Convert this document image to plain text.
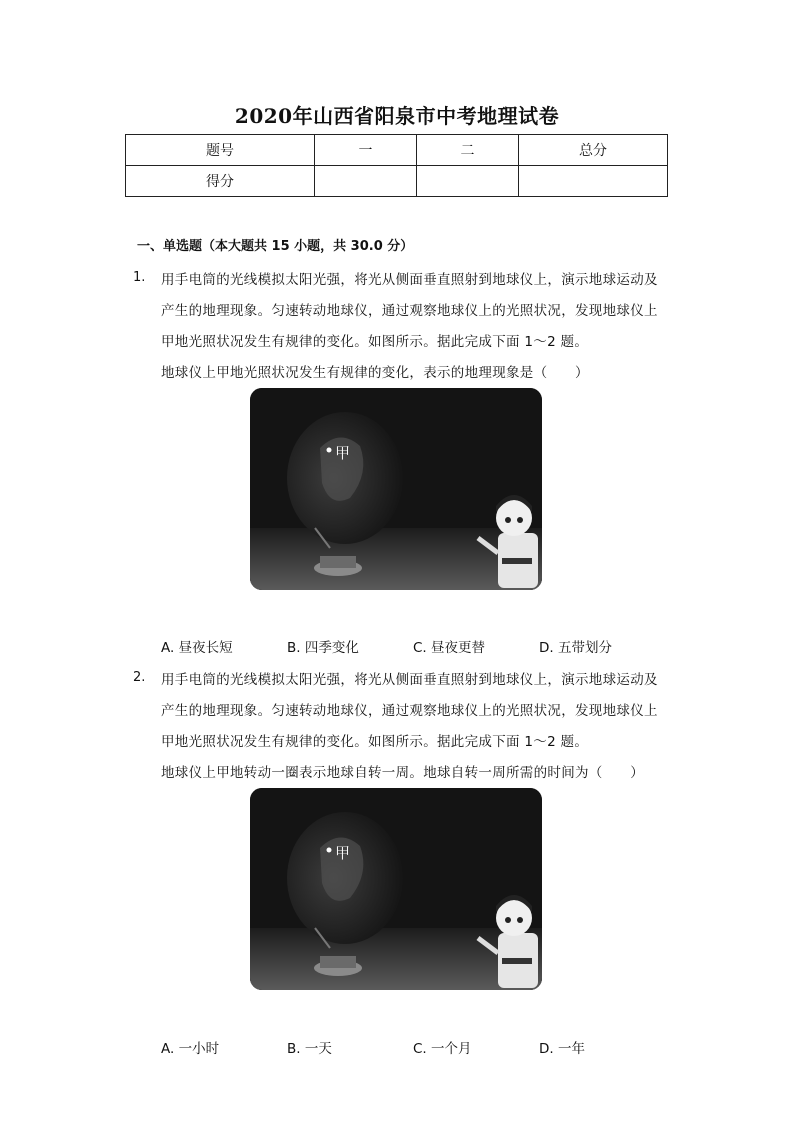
2020年山西省阳泉市中考地理试卷
题号	一	二	总分
得分			
一、单选题（本大题共 15 小题，共 30.0 分）
1. 用手电筒的光线模拟太阳光强，将光从侧面垂直照射到地球仪上，演示地球运动及
产生的地理现象。匀速转动地球仪，通过观察地球仪上的光照状况，发现地球仪上
甲地光照状况发生有规律的变化。如图所示。据此完成下面 1～2 题。
地球仪上甲地光照状况发生有规律的变化，表示的地理现象是（　　）
甲
A. 昼夜长短	B. 四季变化	C. 昼夜更替	D. 五带划分
2. 用手电筒的光线模拟太阳光强，将光从侧面垂直照射到地球仪上，演示地球运动及
产生的地理现象。匀速转动地球仪，通过观察地球仪上的光照状况，发现地球仪上
甲地光照状况发生有规律的变化。如图所示。据此完成下面 1～2 题。
地球仪上甲地转动一圈表示地球自转一周。地球自转一周所需的时间为（　　）
甲
A. 一小时	B. 一天	C. 一个月	D. 一年
